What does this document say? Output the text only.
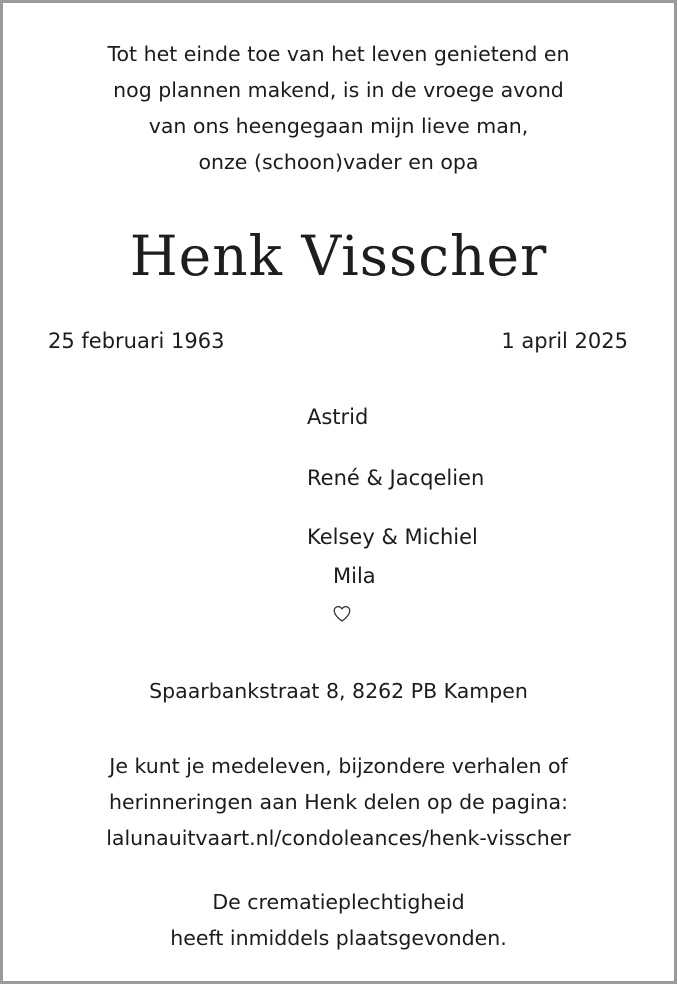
Tot het einde toe van het leven genietend en
nog plannen makend, is in de vroege avond
van ons heengegaan mijn lieve man,
onze (schoon)vader en opa
Henk Visscher
25 februari 1963	1 april 2025
Astrid
René & Jacqelien
Kelsey & Michiel
Mila
Spaarbankstraat 8, 8262 PB Kampen
Je kunt je medeleven, bijzondere verhalen of
herinneringen aan Henk delen op de pagina:
lalunauitvaart.nl/condoleances/henk-visscher
De crematieplechtigheid
heeft inmiddels plaatsgevonden.
